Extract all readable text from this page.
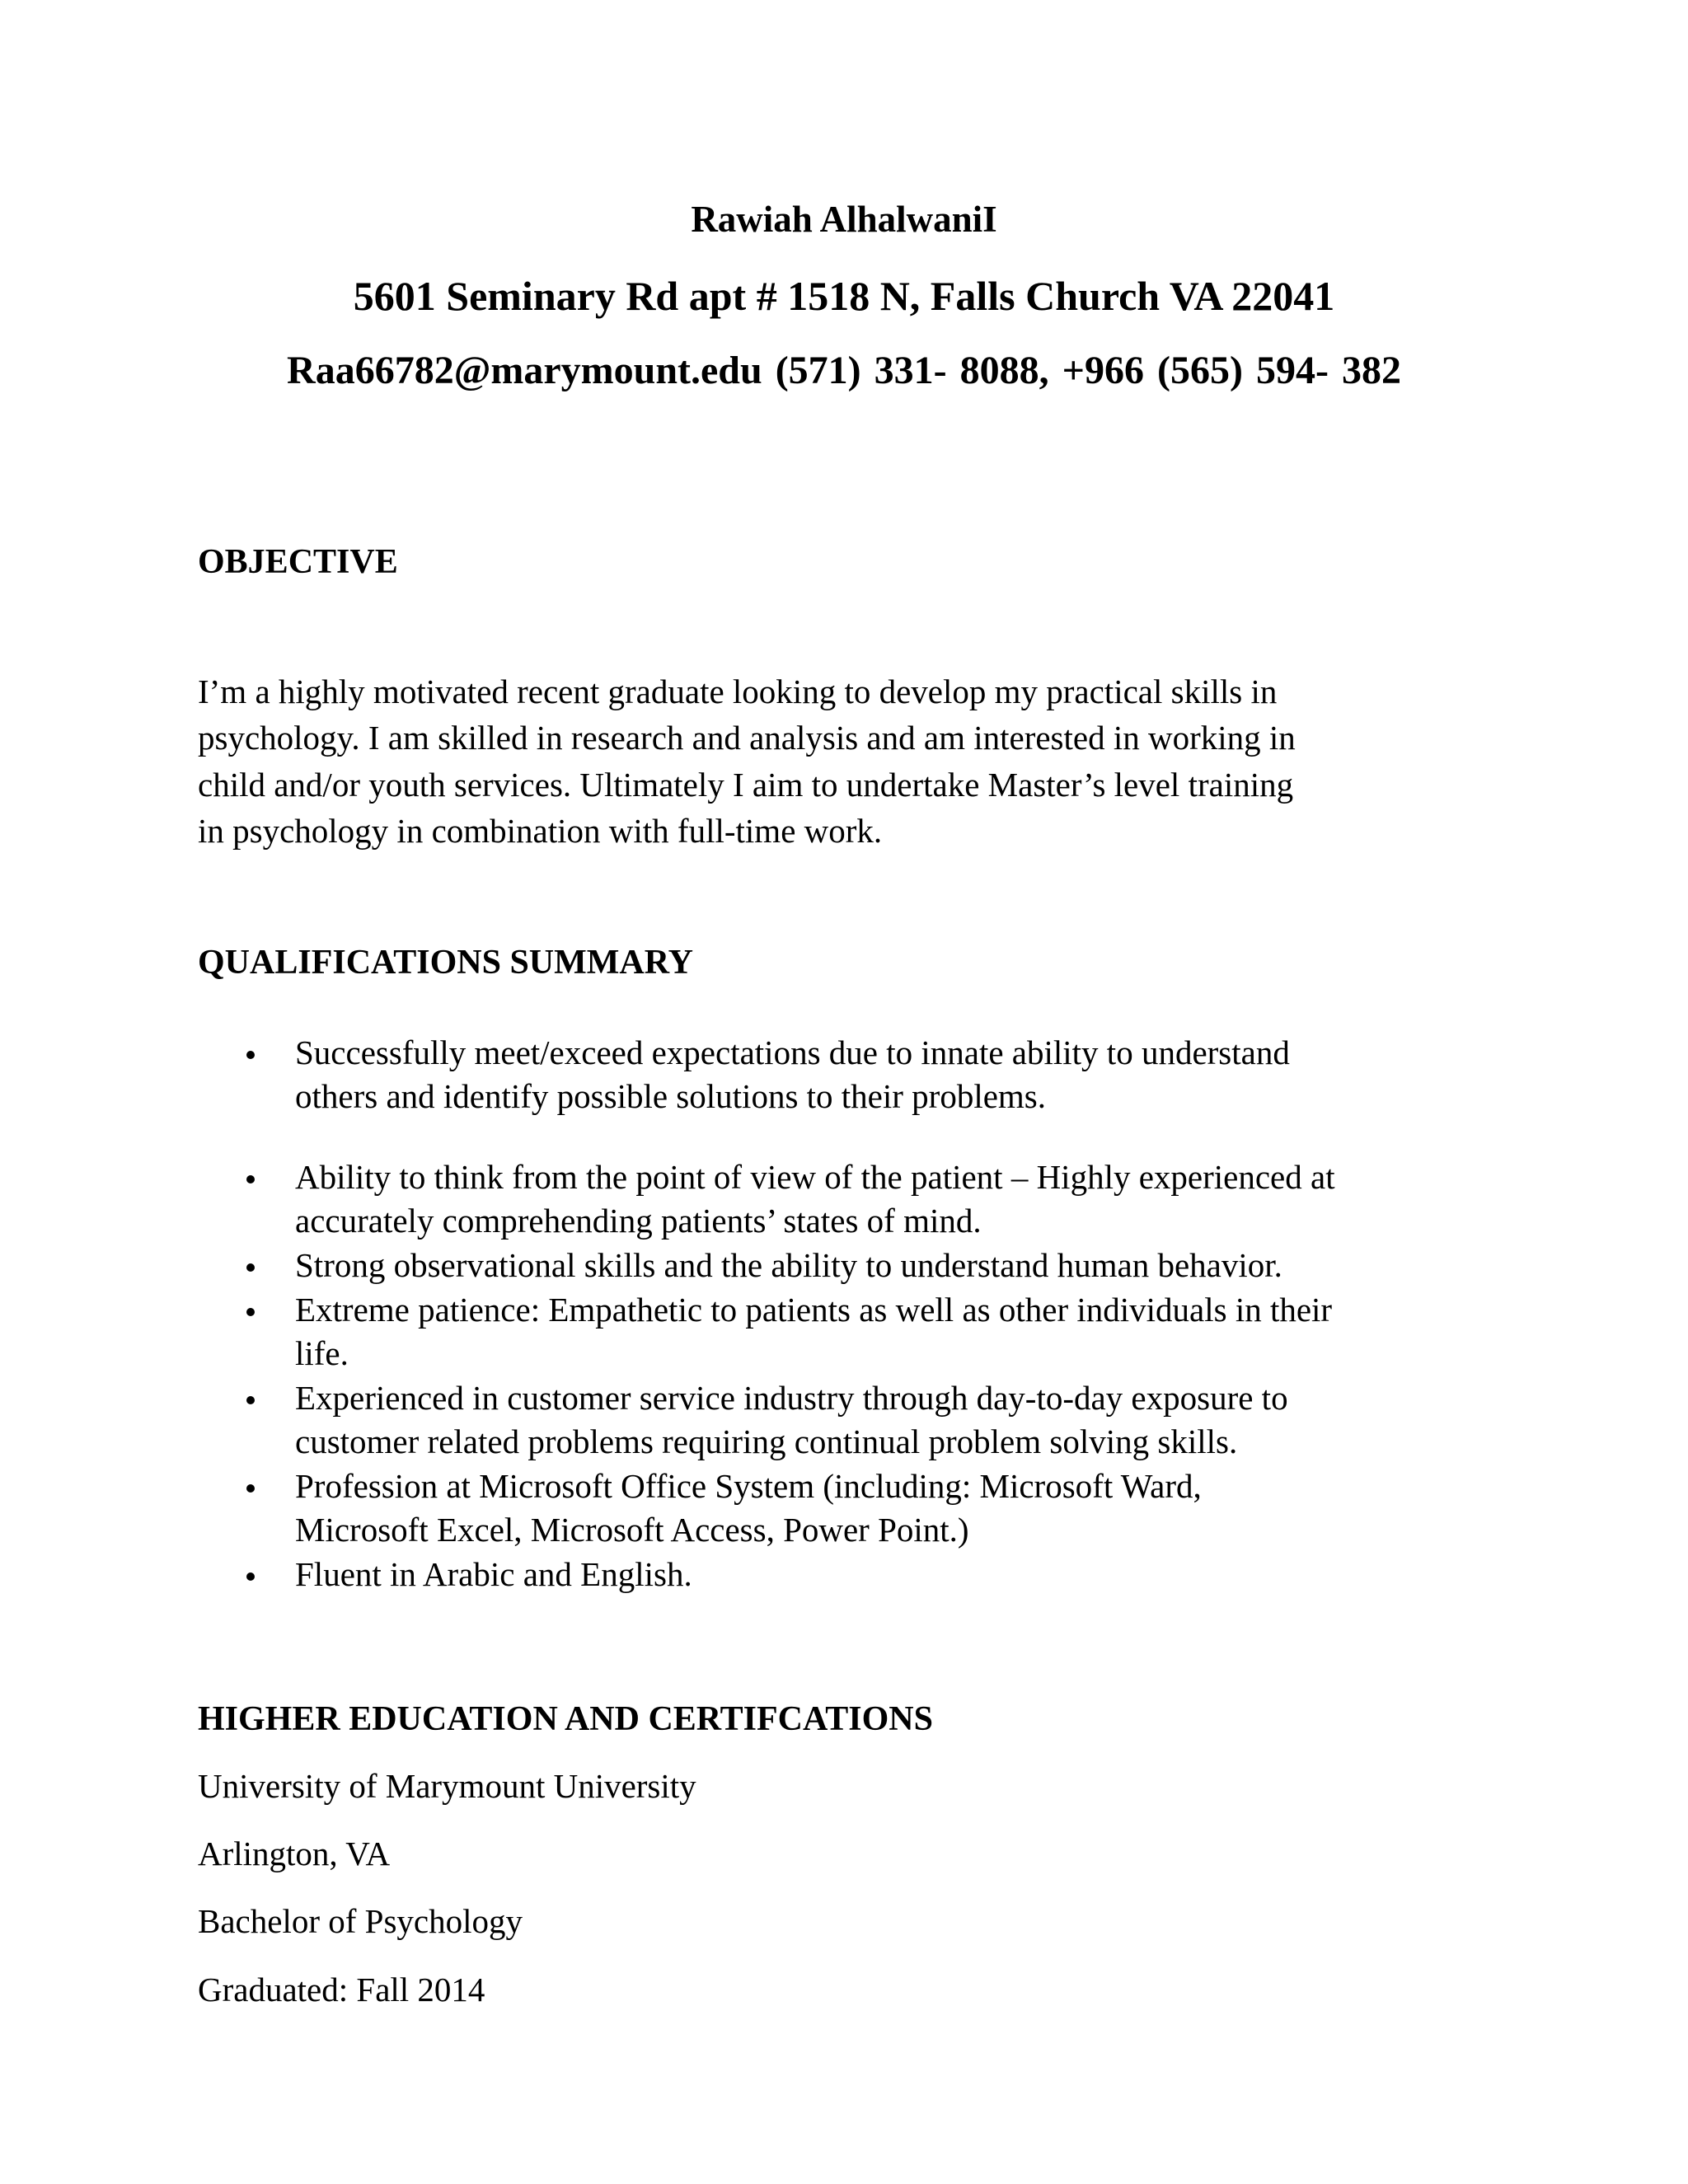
Rawiah AlhalwaniI
5601 Seminary Rd apt # 1518 N, Falls Church VA 22041
Raa66782@marymount.edu (571) 331- 8088, +966 (565) 594- 382
OBJECTIVE
I’m a highly motivated recent graduate looking to develop my practical skills in
psychology. I am skilled in research and analysis and am interested in working in
child and/or youth services. Ultimately I aim to undertake Master’s level training
in psychology in combination with full-time work.
QUALIFICATIONS SUMMARY
Successfully meet/exceed expectations due to innate ability to understand
others and identify possible solutions to their problems.
Ability to think from the point of view of the patient – Highly experienced at
accurately comprehending patients’ states of mind.
Strong observational skills and the ability to understand human behavior.
Extreme patience: Empathetic to patients as well as other individuals in their
life.
Experienced in customer service industry through day-to-day exposure to
customer related problems requiring continual problem solving skills.
Profession at Microsoft Office System (including: Microsoft Ward,
Microsoft Excel, Microsoft Access, Power Point.)
Fluent in Arabic and English.
HIGHER EDUCATION AND CERTIFCATIONS
University of Marymount University
Arlington, VA
Bachelor of Psychology
Graduated: Fall 2014
